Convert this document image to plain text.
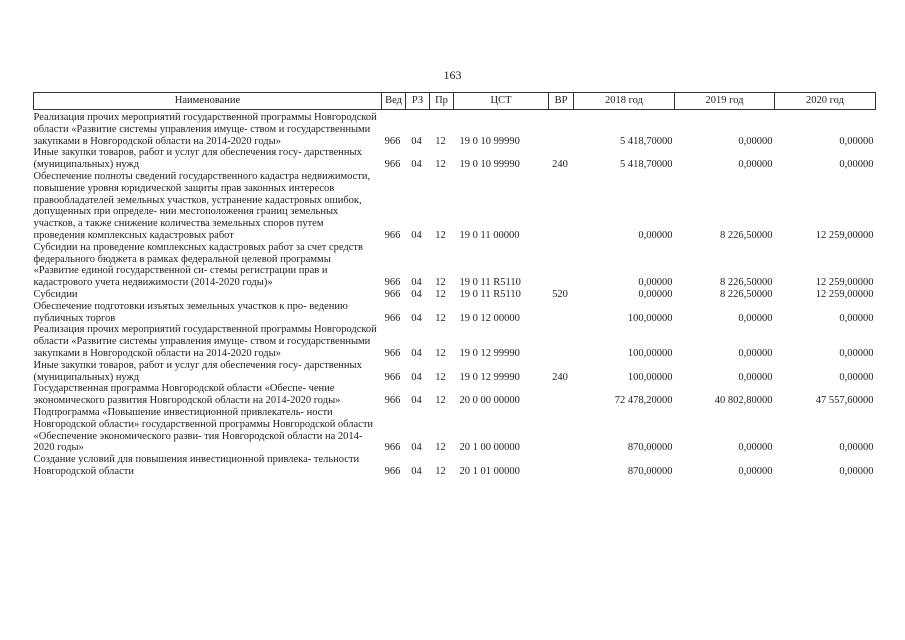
163
Наименование	Вед	РЗ	Пр	ЦСТ	ВР	2018 год	2019 год	2020 год
Реализация прочих мероприятий государственной программы Новгородской области «Развитие системы управления имуще- ством и государственными закупками в Новгородской области на 2014-2020 годы»	966	04	12	19 0 10 99990		5 418,70000	0,00000	0,00000
Иные закупки товаров, работ и услуг для обеспечения госу- дарственных (муниципальных) нужд	966	04	12	19 0 10 99990	240	5 418,70000	0,00000	0,00000
Обеспечение полноты сведений государственного кадастра недвижимости, повышение уровня юридической защиты прав законных интересов правообладателей земельных участков, устранение кадастровых ошибок, допущенных при определе- нии местоположения границ земельных участков, а также снижение количества земельных споров путем проведения комплексных кадастровых работ	966	04	12	19 0 11 00000		0,00000	8 226,50000	12 259,00000
Субсидии на проведение комплексных кадастровых работ за счет средств федерального бюджета в рамках федеральной целевой программы «Развитие единой государственной си- стемы регистрации прав и кадастрового учета недвижимости (2014-2020 годы)»	966	04	12	19 0 11 R5110		0,00000	8 226,50000	12 259,00000
Субсидии	966	04	12	19 0 11 R5110	520	0,00000	8 226,50000	12 259,00000
Обеспечение подготовки изъятых земельных участков к про- ведению публичных торгов	966	04	12	19 0 12 00000		100,00000	0,00000	0,00000
Реализация прочих мероприятий государственной программы Новгородской области «Развитие системы управления имуще- ством и государственными закупками в Новгородской области на 2014-2020 годы»	966	04	12	19 0 12 99990		100,00000	0,00000	0,00000
Иные закупки товаров, работ и услуг для обеспечения госу- дарственных (муниципальных) нужд	966	04	12	19 0 12 99990	240	100,00000	0,00000	0,00000
Государственная программа Новгородской области «Обеспе- чение экономического развития Новгородской области на 2014-2020 годы»	966	04	12	20 0 00 00000		72 478,20000	40 802,80000	47 557,60000
Подпрограмма «Повышение инвестиционной привлекатель- ности Новгородской области» государственной программы Новгородской области «Обеспечение экономического разви- тия Новгородской области на 2014-2020 годы»	966	04	12	20 1 00 00000		870,00000	0,00000	0,00000
Создание условий для повышения инвестиционной привлека- тельности Новгородской области	966	04	12	20 1 01 00000		870,00000	0,00000	0,00000
